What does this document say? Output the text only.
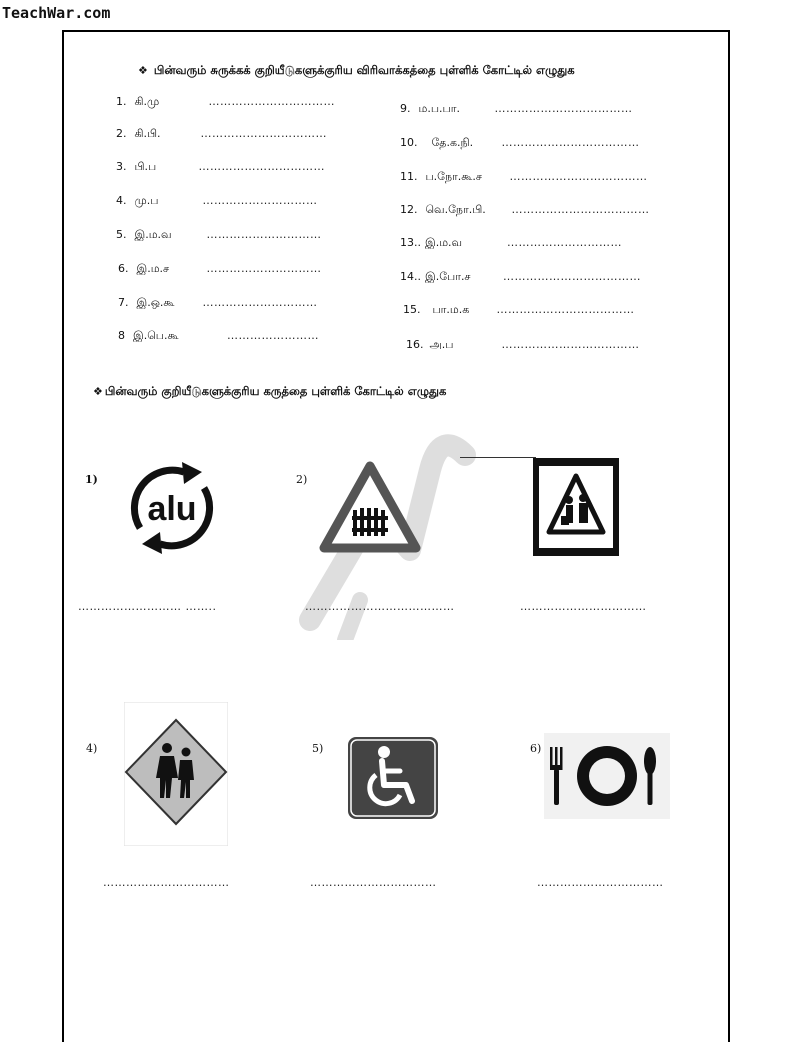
TeachWar.com
❖ பின்வரும் சுருக்கக் குறியீடுகளுக்குரிய விரிவாக்கத்தை புள்ளிக் கோட்டில் எழுதுக
1. கி.மு	……………………………
2. கி.பி.	……………………………
3. பி.ப	……………………………
4. மு.ப	…………………………
5. இ.ம.வ	…………………………
6. இ.ம.ச	…………………………
7. இ.ஒ.கூ	…………………………
8 இ.பெ.கூ	……………………
9. ம.ப.பா.	………………………………
10. தே.க.நி.	………………………………
11. ப.நோ.கூ.ச	………………………………
12. வெ.நோ.பி. ………………………………
13.. இ.ம.வ	…………………………
14.. இ.போ.ச	………………………………
15. பா.ம.க ………………………………
16. அ.ப	………………………………
❖ பின்வரும் குறியீடுகளுக்குரிய கருத்தை புள்ளிக் கோட்டில் எழுதுக
1)
alu
……………………… ……..
2)
…………………………………	……………………………
4)
……………………………
5)
……………………………
6)
……………………………
